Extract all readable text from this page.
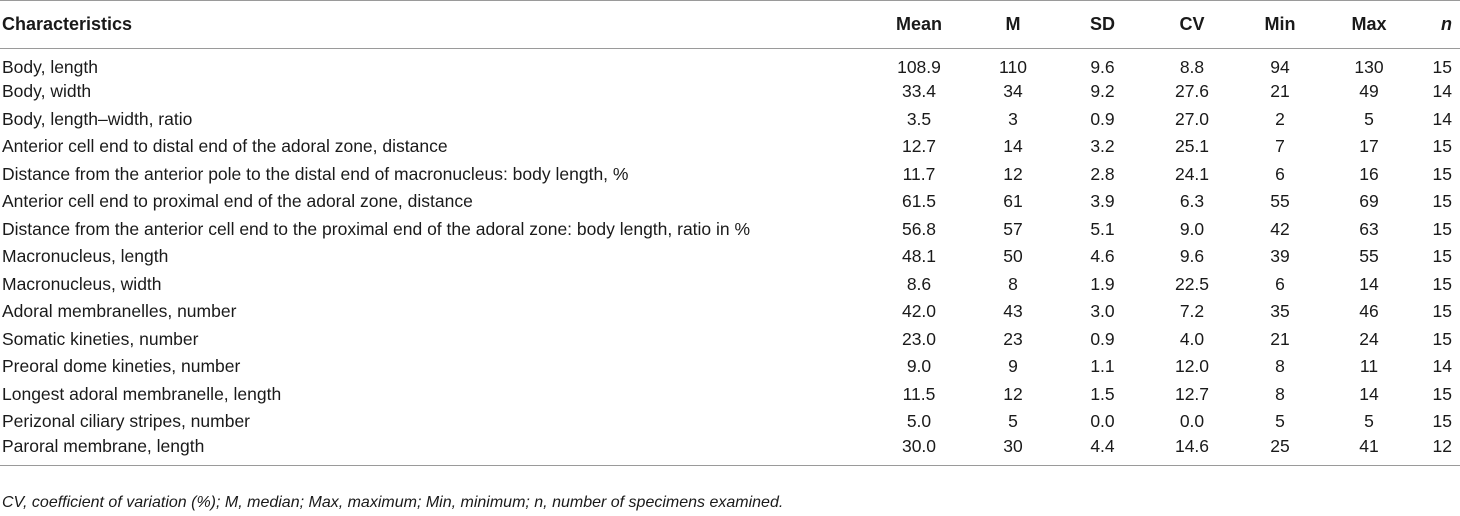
Characteristics	Mean	M	SD	CV	Min	Max	n
Body, length	108.9	110	9.6	8.8	94	130	15
Body, width	33.4	34	9.2	27.6	21	49	14
Body, length–width, ratio	3.5	3	0.9	27.0	2	5	14
Anterior cell end to distal end of the adoral zone, distance	12.7	14	3.2	25.1	7	17	15
Distance from the anterior pole to the distal end of macronucleus: body length, %	11.7	12	2.8	24.1	6	16	15
Anterior cell end to proximal end of the adoral zone, distance	61.5	61	3.9	6.3	55	69	15
Distance from the anterior cell end to the proximal end of the adoral zone: body length, ratio in %	56.8	57	5.1	9.0	42	63	15
Macronucleus, length	48.1	50	4.6	9.6	39	55	15
Macronucleus, width	8.6	8	1.9	22.5	6	14	15
Adoral membranelles, number	42.0	43	3.0	7.2	35	46	15
Somatic kineties, number	23.0	23	0.9	4.0	21	24	15
Preoral dome kineties, number	9.0	9	1.1	12.0	8	11	14
Longest adoral membranelle, length	11.5	12	1.5	12.7	8	14	15
Perizonal ciliary stripes, number	5.0	5	0.0	0.0	5	5	15
Paroral membrane, length	30.0	30	4.4	14.6	25	41	12
CV, coefficient of variation (%); M, median; Max, maximum; Min, minimum; n, number of specimens examined.
